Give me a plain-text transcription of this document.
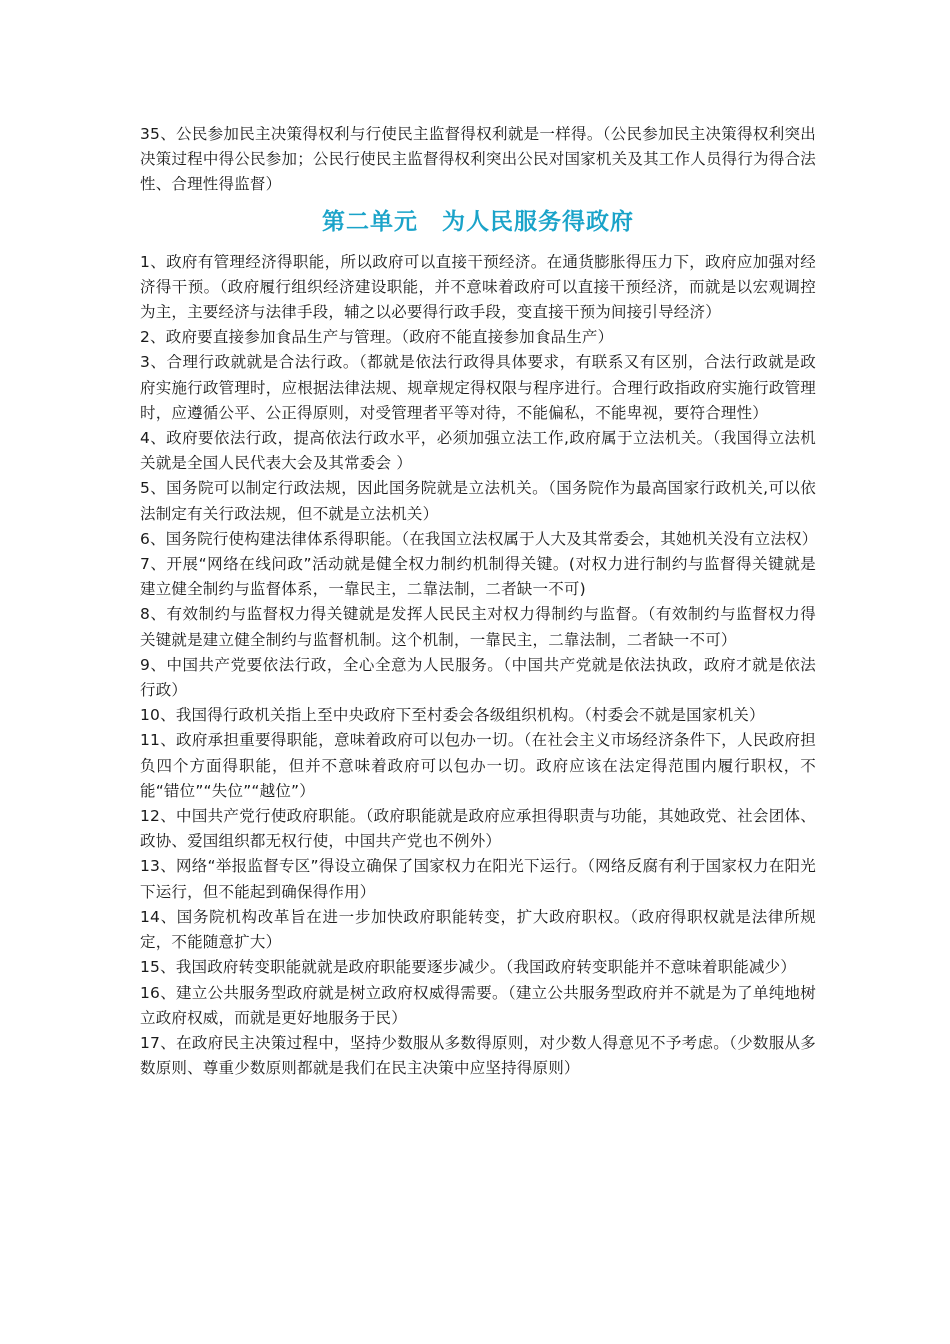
35、公民参加民主决策得权利与行使民主监督得权利就是一样得。（公民参加民主决策得权利突出决策过程中得公民参加；公民行使民主监督得权利突出公民对国家机关及其工作人员得行为得合法性、合理性得监督）

第二单元　为人民服务得政府

1、政府有管理经济得职能，所以政府可以直接干预经济。在通货膨胀得压力下，政府应加强对经济得干预。（政府履行组织经济建设职能，并不意味着政府可以直接干预经济，而就是以宏观调控为主，主要经济与法律手段，辅之以必要得行政手段，变直接干预为间接引导经济）

2、政府要直接参加食品生产与管理。（政府不能直接参加食品生产）

3、合理行政就就是合法行政。（都就是依法行政得具体要求，有联系又有区别，合法行政就是政府实施行政管理时，应根据法律法规、规章规定得权限与程序进行。合理行政指政府实施行政管理时，应遵循公平、公正得原则，对受管理者平等对待，不能偏私，不能卑视，要符合理性）

4、政府要依法行政，提高依法行政水平，必须加强立法工作,政府属于立法机关。（我国得立法机关就是全国人民代表大会及其常委会 ）

5、国务院可以制定行政法规，因此国务院就是立法机关。（国务院作为最高国家行政机关,可以依法制定有关行政法规，但不就是立法机关）

6、国务院行使构建法律体系得职能。（在我国立法权属于人大及其常委会，其她机关没有立法权）

7、开展“网络在线问政”活动就是健全权力制约机制得关键。(对权力进行制约与监督得关键就是建立健全制约与监督体系，一靠民主，二靠法制，二者缺一不可)

8、有效制约与监督权力得关键就是发挥人民民主对权力得制约与监督。（有效制约与监督权力得关键就是建立健全制约与监督机制。这个机制，一靠民主，二靠法制，二者缺一不可）

9、中国共产党要依法行政，全心全意为人民服务。（中国共产党就是依法执政，政府才就是依法行政）

10、我国得行政机关指上至中央政府下至村委会各级组织机构。（村委会不就是国家机关）

11、政府承担重要得职能，意味着政府可以包办一切。（在社会主义市场经济条件下，人民政府担负四个方面得职能，但并不意味着政府可以包办一切。政府应该在法定得范围内履行职权，不能“错位”“失位”“越位”）

12、中国共产党行使政府职能。（政府职能就是政府应承担得职责与功能，其她政党、社会团体、政协、爱国组织都无权行使，中国共产党也不例外）

13、网络“举报监督专区”得设立确保了国家权力在阳光下运行。（网络反腐有利于国家权力在阳光下运行，但不能起到确保得作用）

14、国务院机构改革旨在进一步加快政府职能转变，扩大政府职权。（政府得职权就是法律所规定，不能随意扩大）

15、我国政府转变职能就就是政府职能要逐步减少。（我国政府转变职能并不意味着职能减少）

16、建立公共服务型政府就是树立政府权威得需要。（建立公共服务型政府并不就是为了单纯地树立政府权威，而就是更好地服务于民）

17、在政府民主决策过程中，坚持少数服从多数得原则，对少数人得意见不予考虑。（少数服从多数原则、尊重少数原则都就是我们在民主决策中应坚持得原则）
